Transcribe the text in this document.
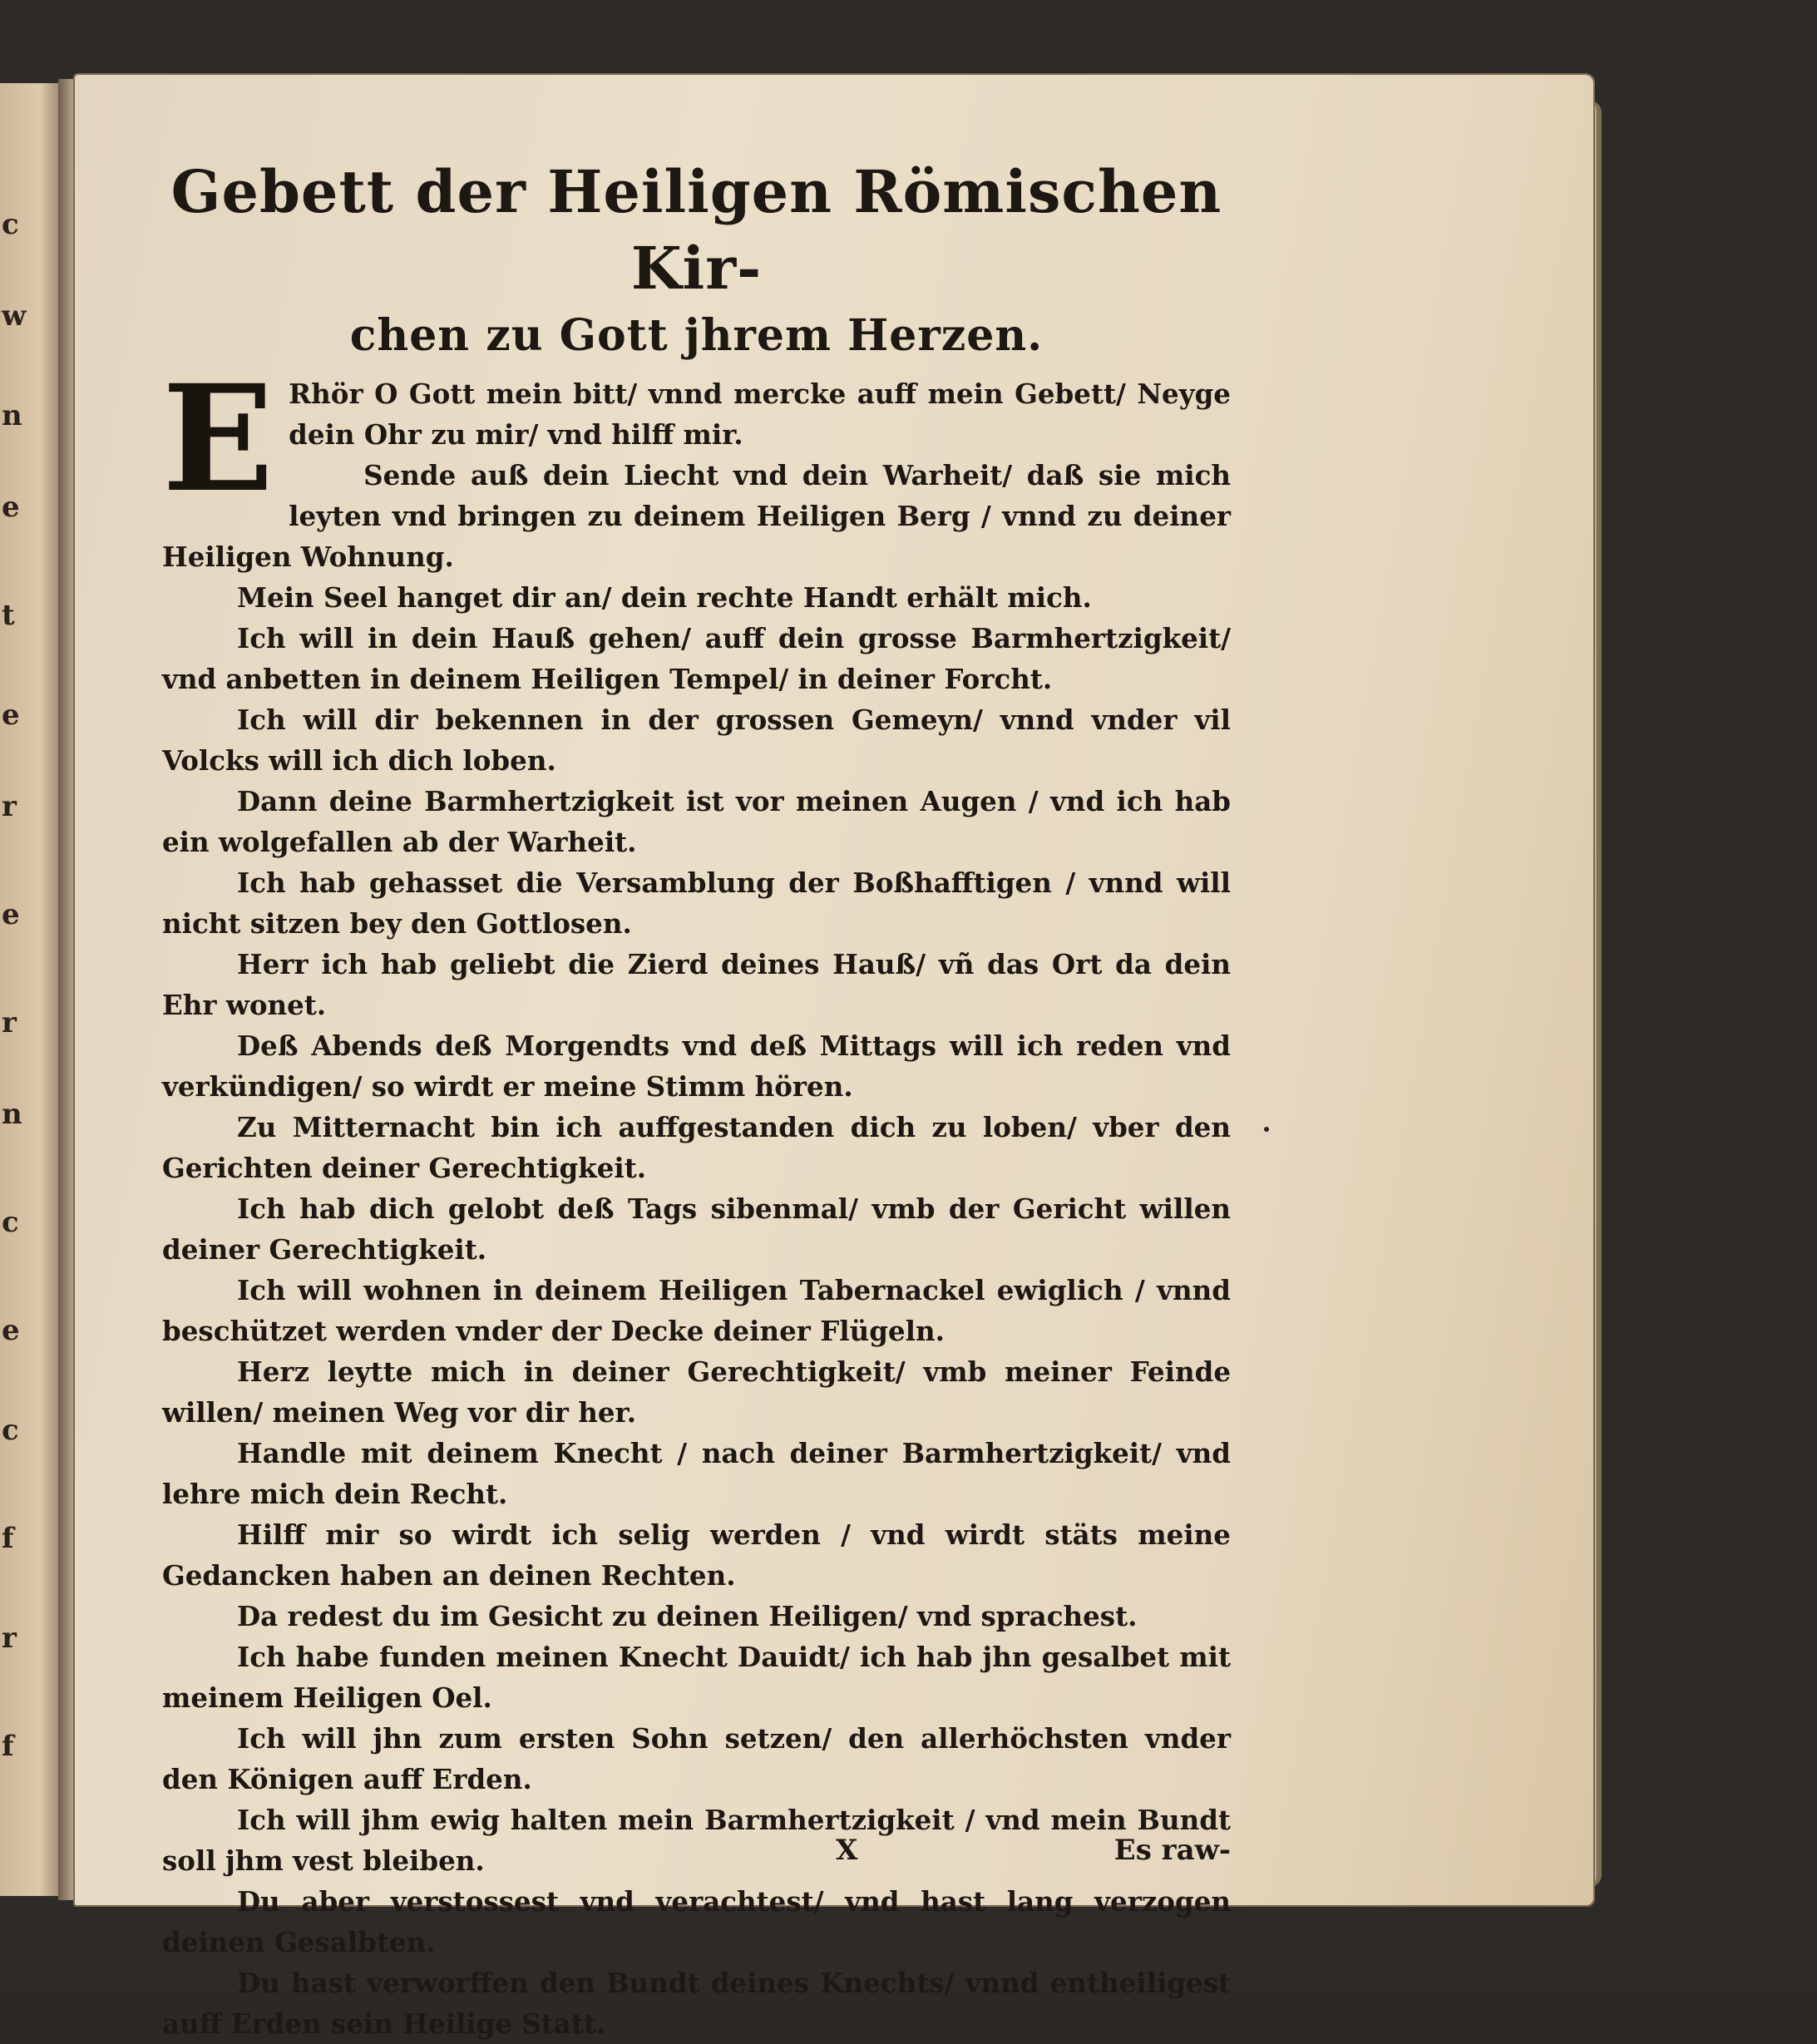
c
w
n
e
t
e
r
e
r
n
c
e
c
f
r
f
Gebett der Heiligen Römischen Kir-
chen zu Gott jhrem Herzen.
E Rhör O Gott mein bitt/ vnnd mercke auff mein Gebett/ Neyge dein Ohr zu mir/ vnd hilff mir.

Sende auß dein Liecht vnd dein Warheit/ daß sie mich leyten vnd bringen zu deinem Heiligen Berg / vnnd zu deiner Heiligen Wohnung.

Mein Seel hanget dir an/ dein rechte Handt erhält mich.

Ich will in dein Hauß gehen/ auff dein grosse Barmhertzigkeit/ vnd anbetten in deinem Heiligen Tempel/ in deiner Forcht.

Ich will dir bekennen in der grossen Gemeyn/ vnnd vnder vil Volcks will ich dich loben.

Dann deine Barmhertzigkeit ist vor meinen Augen / vnd ich hab ein wolgefallen ab der Warheit.

Ich hab gehasset die Versamblung der Boßhafftigen / vnnd will nicht sitzen bey den Gottlosen.

Herr ich hab geliebt die Zierd deines Hauß/ vñ das Ort da dein Ehr wonet.

Deß Abends deß Morgendts vnd deß Mittags will ich reden vnd verkündigen/ so wirdt er meine Stimm hören.

Zu Mitternacht bin ich auffgestanden dich zu loben/ vber den Gerichten deiner Gerechtigkeit.

Ich hab dich gelobt deß Tags sibenmal/ vmb der Gericht willen deiner Gerechtigkeit.

Ich will wohnen in deinem Heiligen Tabernackel ewiglich / vnnd beschützet werden vnder der Decke deiner Flügeln.

Herz leytte mich in deiner Gerechtigkeit/ vmb meiner Feinde willen/ meinen Weg vor dir her.

Handle mit deinem Knecht / nach deiner Barmhertzigkeit/ vnd lehre mich dein Recht.

Hilff mir so wirdt ich selig werden / vnd wirdt stäts meine Gedancken haben an deinen Rechten.

Da redest du im Gesicht zu deinen Heiligen/ vnd sprachest.

Ich habe funden meinen Knecht Dauidt/ ich hab jhn gesalbet mit meinem Heiligen Oel.

Ich will jhn zum ersten Sohn setzen/ den allerhöchsten vnder den Königen auff Erden.

Ich will jhm ewig halten mein Barmhertzigkeit / vnd mein Bundt soll jhm vest bleiben.

Du aber verstossest vnd verachtest/ vnd hast lang verzogen deinen Gesalbten.

Du hast verworffen den Bundt deines Knechts/ vnnd entheiligest auff Erden sein Heilige Statt.

X	Es raw-
